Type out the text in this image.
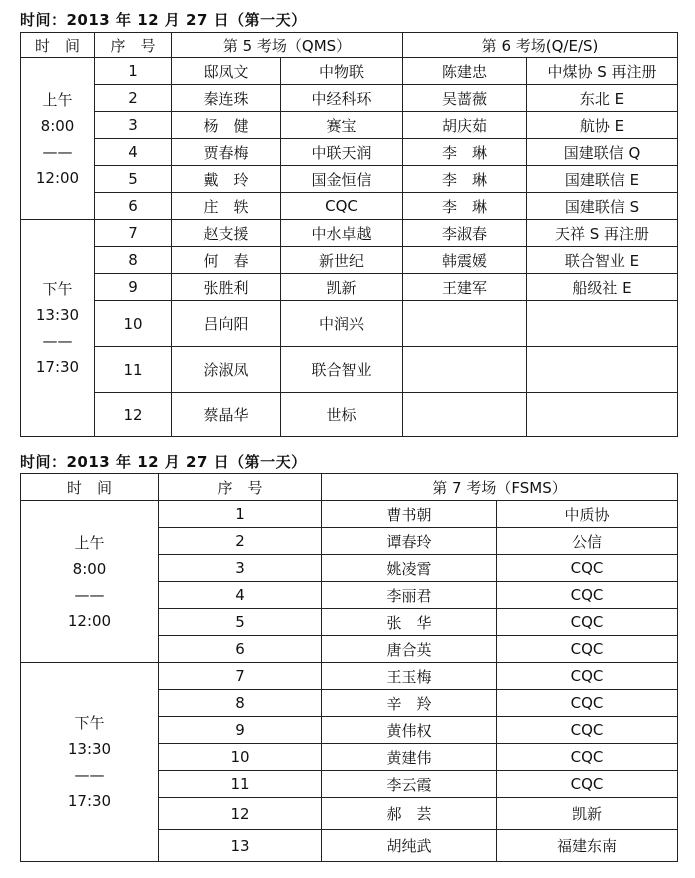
时间：2013 年 12 月 27 日（第一天）
时　间	序　号	第 5 考场（QMS）		第 6 考场(Q/E/S)	

上午
8:00
——
12:00	1	邸凤文	中物联	陈建忠	中煤协 S 再注册
	2	秦连珠	中经科环	吴蔷薇	东北 E
	3	杨　健	赛宝	胡庆茹	航协 E
	4	贾春梅	中联天润	李　琳	国建联信 Q
	5	戴　玲	国金恒信	李　琳	国建联信 E
	6	庄　轶	CQC	李　琳	国建联信 S

下午
13:30
——
17:30	7	赵支援	中水卓越	李淑春	天祥 S 再注册
	8	何　春	新世纪	韩震媛	联合智业 E
	9	张胜利	凯新	王建军	船级社 E
	10	吕向阳	中润兴		
	11	涂淑凤	联合智业		
	12	蔡晶华	世标		
时间：2013 年 12 月 27 日（第一天）
时　间	序　号	第 7 考场（FSMS）	

上午
8:00
——
12:00	1	曹书朝	中质协
	2	谭春玲	公信
	3	姚凌霄	CQC
	4	李丽君	CQC
	5	张　华	CQC
	6	唐合英	CQC

下午
13:30
——
17:30	7	王玉梅	CQC
	8	辛　羚	CQC
	9	黄伟权	CQC
	10	黄建伟	CQC
	11	李云霞	CQC
	12	郝　芸	凯新
	13	胡纯武	福建东南
